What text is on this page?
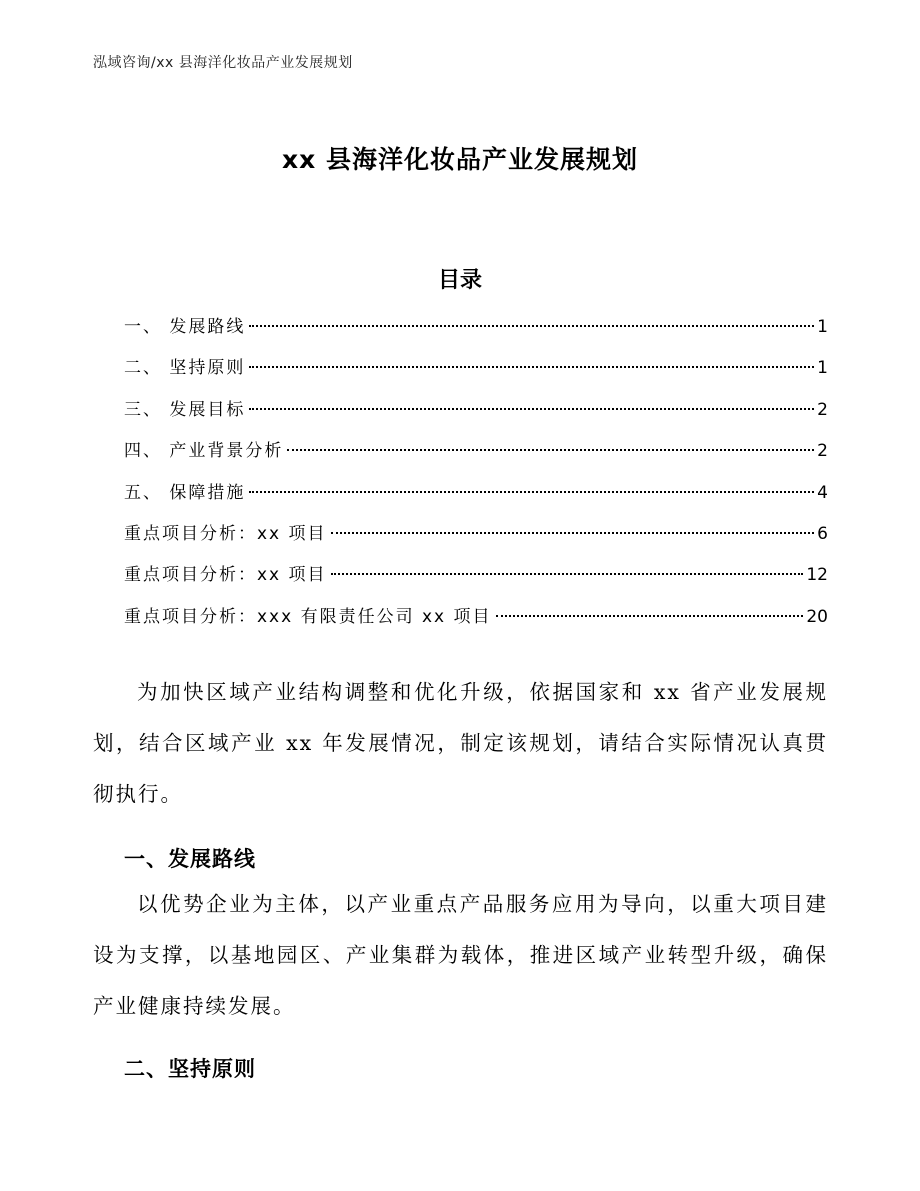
泓域咨询/xx 县海洋化妆品产业发展规划
xx 县海洋化妆品产业发展规划
目录
一、 发展路线	1
二、 坚持原则	1
三、 发展目标	2
四、 产业背景分析	2
五、 保障措施	4
重点项目分析：xx 项目	6
重点项目分析：xx 项目	12
重点项目分析：xxx 有限责任公司 xx 项目	20

为加快区域产业结构调整和优化升级，依据国家和 xx 省产业发展规划，结合区域产业 xx 年发展情况，制定该规划，请结合实际情况认真贯彻执行。

一、发展路线

以优势企业为主体，以产业重点产品服务应用为导向，以重大项目建设为支撑，以基地园区、产业集群为载体，推进区域产业转型升级，确保产业健康持续发展。

二、坚持原则
